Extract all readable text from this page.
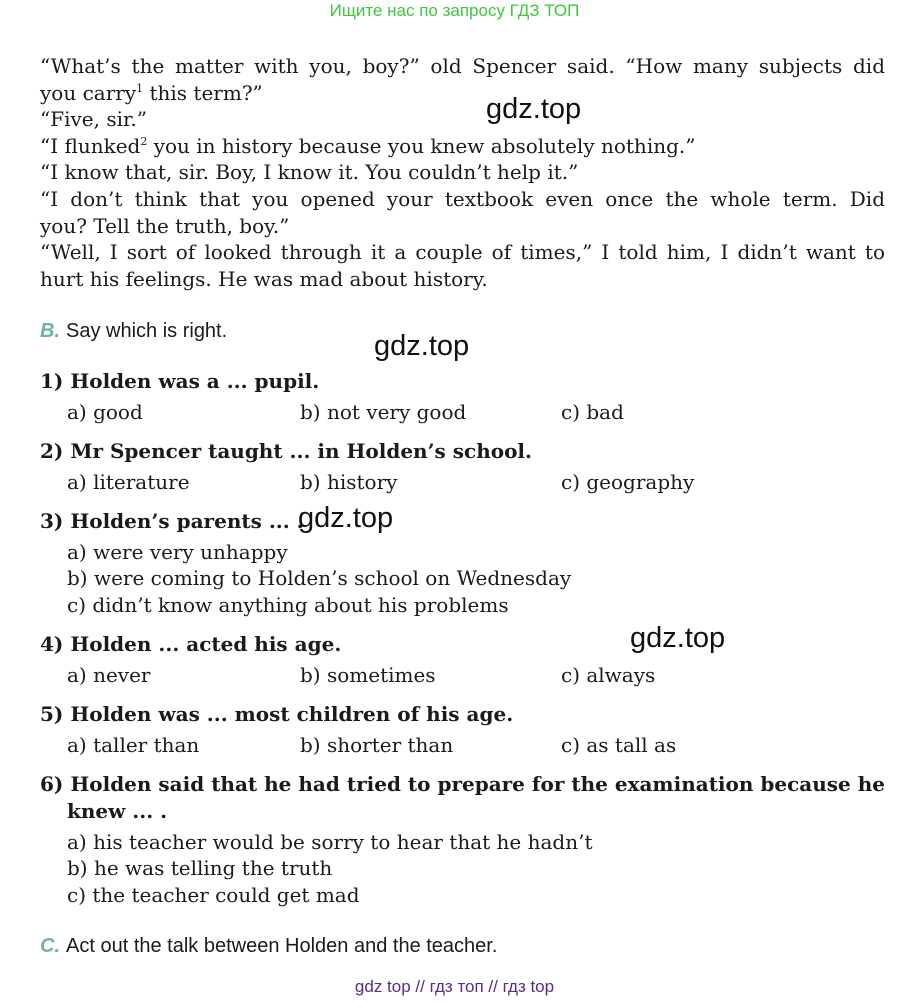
Ищите нас по запросу ГДЗ ТОП
“What’s the matter with you, boy?” old Spencer said. “How many subjects did
you carry$^1$ this term?”
“Five, sir.”
“I flunked$^2$ you in history because you knew absolutely nothing.”
“I know that, sir. Boy, I know it. You couldn’t help it.”
“I don’t think that you opened your textbook even once the whole term. Did
you? Tell the truth, boy.”
“Well, I sort of looked through it a couple of times,” I told him, I didn’t want to
hurt his feelings. He was mad about history.
gdz.top
gdz.top
gdz.top
gdz.top
B. Say which is right.
1) Holden was a ... pupil.
a) good	b) not very good	c) bad
2) Mr Spencer taught ... in Holden’s school.
a) literature	b) history	c) geography
3) Holden’s parents ... .
a) were very unhappy
b) were coming to Holden’s school on Wednesday
c) didn’t know anything about his problems
4) Holden ... acted his age.
a) never	b) sometimes	c) always
5) Holden was ... most children of his age.
a) taller than	b) shorter than	c) as tall as
6) Holden said that he had tried to prepare for the examination because he
knew ... .
a) his teacher would be sorry to hear that he hadn’t
b) he was telling the truth
c) the teacher could get mad
C. Act out the talk between Holden and the teacher.
gdz top // гдз топ // гдз top
